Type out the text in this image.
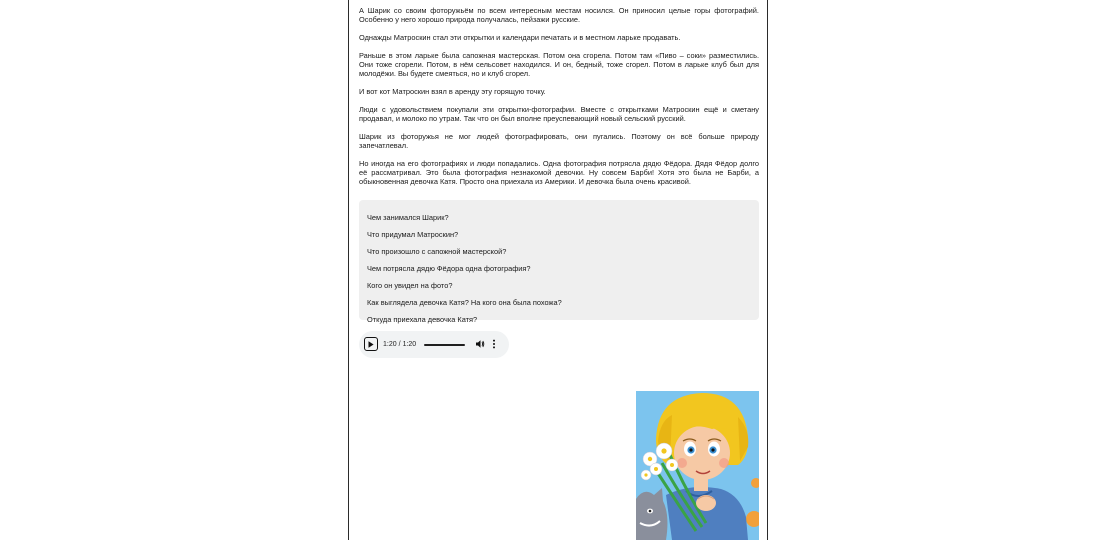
А Шарик со своим фоторужьём по всем интересным местам носился. Он приносил целые горы фотографий. Особенно у него хорошо природа получалась, пейзажи русские.

Однажды Матроскин стал эти открытки и календари печатать и в местном ларьке продавать.

Раньше в этом ларьке была сапожная мастерская. Потом она сгорела. Потом там «Пиво – соки» разместились. Они тоже сгорели. Потом, в нём сельсовет находился. И он, бедный, тоже сгорел. Потом в ларьке клуб был для молодёжи. Вы будете смеяться, но и клуб сгорел.

И вот кот Матроскин взял в аренду эту горящую точку.

Люди с удовольствием покупали эти открытки-фотографии. Вместе с открытками Матроскин ещё и сметану продавал, и молоко по утрам. Так что он был вполне преуспевающий новый сельский русский.

Шарик из фоторужья не мог людей фотографировать, они пугались. Поэтому он всё больше природу запечатлевал.

Но иногда на его фотографиях и люди попадались. Одна фотография потрясла дядю Фёдора. Дядя Фёдор долго её рассматривал. Это была фотография незнакомой девочки. Ну совсем Барби! Хотя это была не Барби, а обыкновенная девочка Катя. Просто она приехала из Америки. И девочка была очень красивой.

Чем занимался Шарик?
Что придумал Матроскин?
Что произошло с сапожной мастерской?
Чем потрясла дядю Фёдора одна фотография?
Кого он увидел на фото?
Как выглядела девочка Катя? На кого она была похожа?
Откуда приехала девочка Катя?
1:20 / 1:20
